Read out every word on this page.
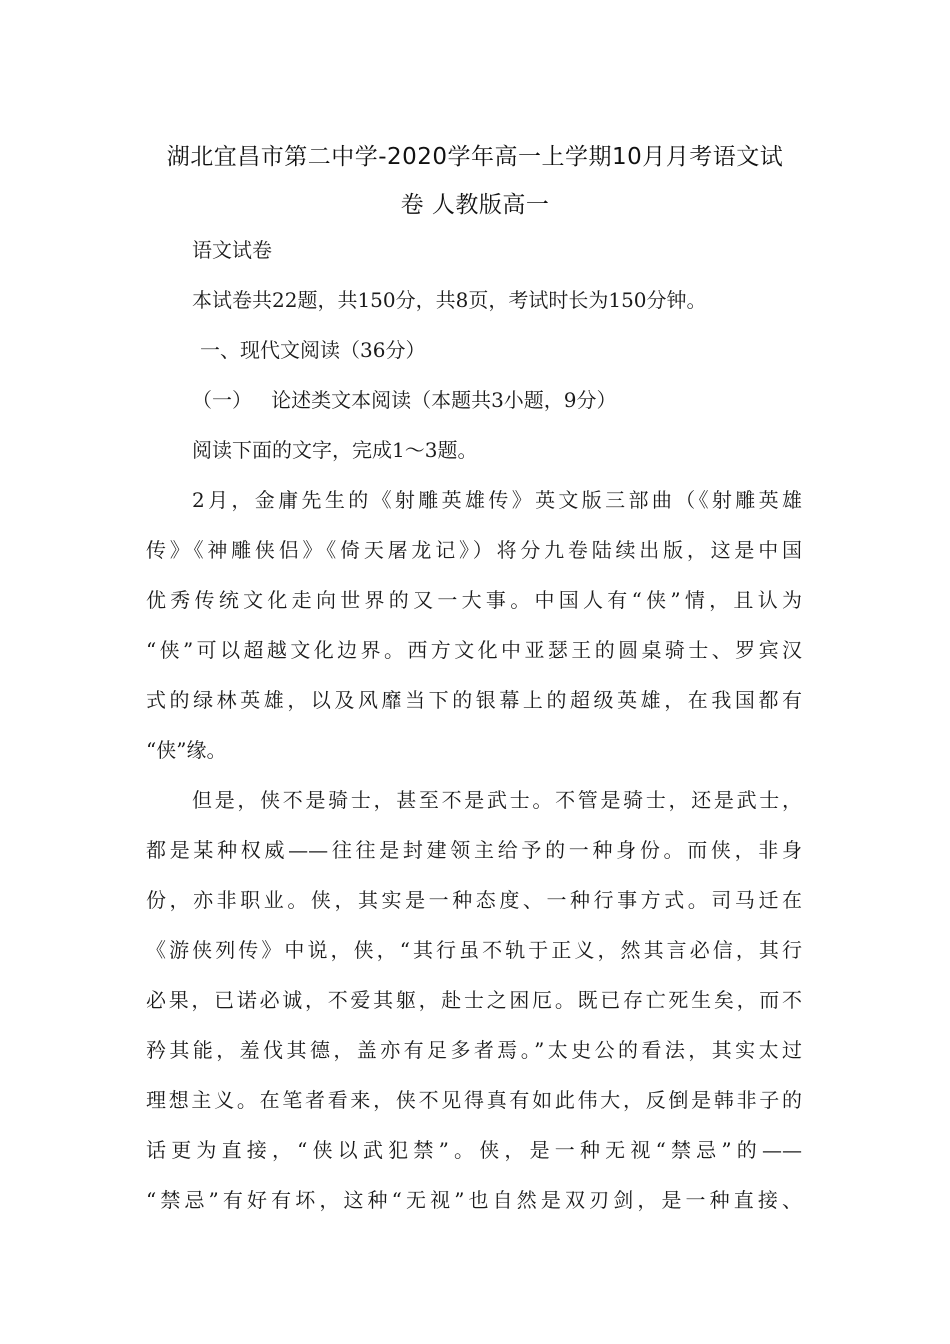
湖北宜昌市第二中学-2020学年高一上学期10月月考语文试
卷 人教版高一
语文试卷
本试卷共22题，共150分，共8页，考试时长为150分钟。
一、现代文阅读（36分）
（一）   论述类文本阅读（本题共3小题，9分）
阅读下面的文字，完成1～3题。
2月，金庸先生的《射雕英雄传》英文版三部曲（《射雕英雄
传》《神雕侠侣》《倚天屠龙记》）将分九卷陆续出版，这是中国
优秀传统文化走向世界的又一大事。中国人有“侠”情，且认为
“侠”可以超越文化边界。西方文化中亚瑟王的圆桌骑士、罗宾汉
式的绿林英雄，以及风靡当下的银幕上的超级英雄，在我国都有
“侠”缘。
但是，侠不是骑士，甚至不是武士。不管是骑士，还是武士，
都是某种权威——往往是封建领主给予的一种身份。而侠，非身
份，亦非职业。侠，其实是一种态度、一种行事方式。司马迁在
《游侠列传》中说，侠，“其行虽不轨于正义，然其言必信，其行
必果，已诺必诚，不爱其躯，赴士之困厄。既已存亡死生矣，而不
矜其能，羞伐其德，盖亦有足多者焉。”太史公的看法，其实太过
理想主义。在笔者看来，侠不见得真有如此伟大，反倒是韩非子的
话更为直接，“侠以武犯禁”。侠，是一种无视“禁忌”的——
“禁忌”有好有坏，这种“无视”也自然是双刃剑，是一种直接、
